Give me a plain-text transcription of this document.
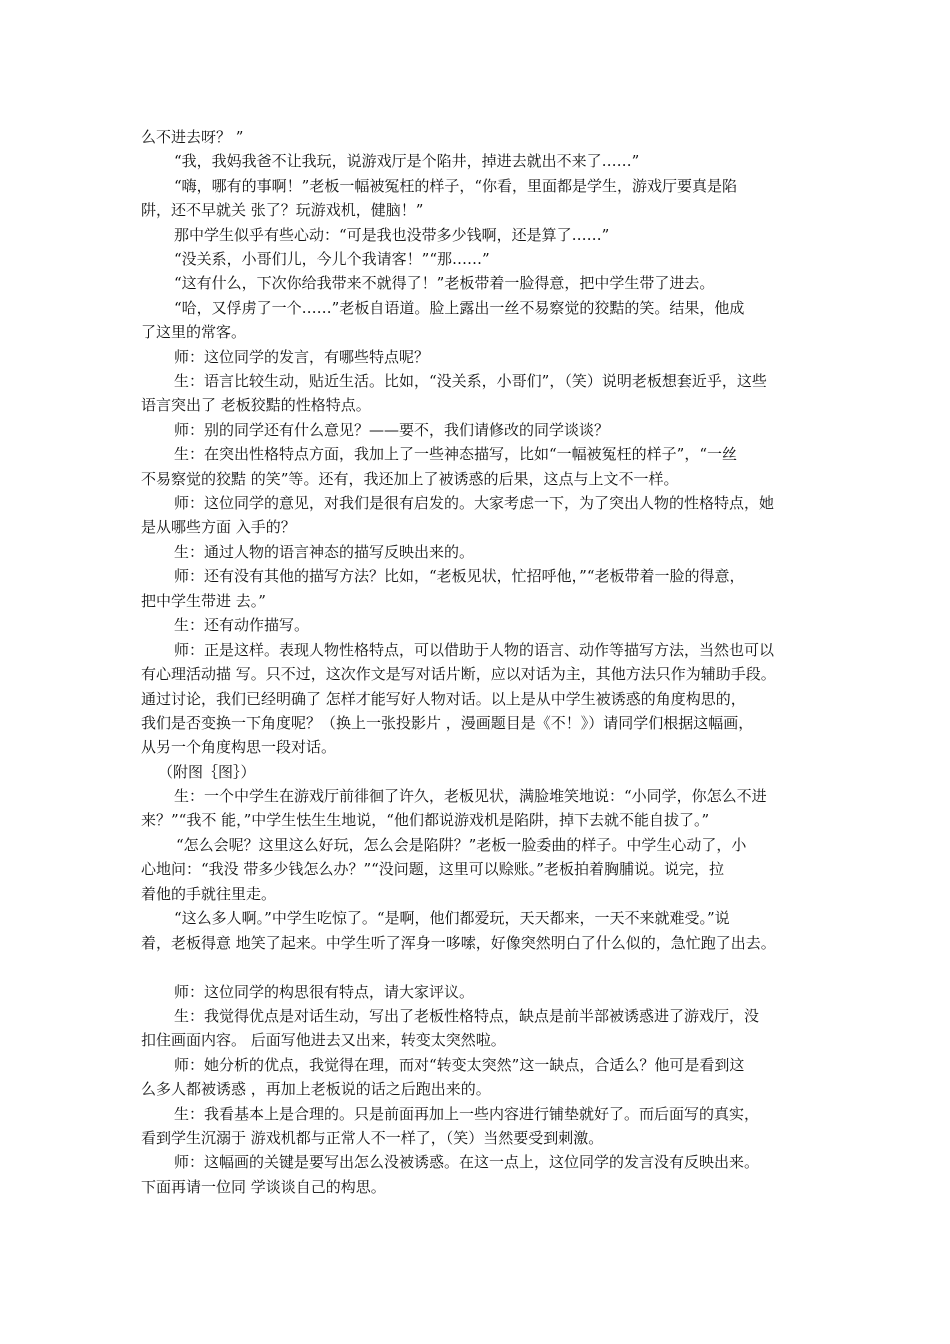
么不进去呀？ ”
“我，我妈我爸不让我玩，说游戏厅是个陷井，掉进去就出不来了……”
“嗨，哪有的事啊！”老板一幅被冤枉的样子，“你看，里面都是学生，游戏厅要真是陷
阱，还不早就关 张了？玩游戏机，健脑！”
那中学生似乎有些心动：“可是我也没带多少钱啊，还是算了……”
“没关系，小哥们儿，今儿个我请客！”“那……”
“这有什么，下次你给我带来不就得了！”老板带着一脸得意，把中学生带了进去。
“哈，又俘虏了一个……”老板自语道。脸上露出一丝不易察觉的狡黠的笑。结果，他成
了这里的常客。
师：这位同学的发言，有哪些特点呢？
生：语言比较生动，贴近生活。比如，“没关系，小哥们”，（笑）说明老板想套近乎，这些
语言突出了 老板狡黠的性格特点。
师：别的同学还有什么意见？——要不，我们请修改的同学谈谈？
生：在突出性格特点方面，我加上了一些神态描写，比如“一幅被冤枉的样子”，“一丝
不易察觉的狡黠 的笑”等。还有，我还加上了被诱惑的后果，这点与上文不一样。
师：这位同学的意见，对我们是很有启发的。大家考虑一下，为了突出人物的性格特点，她
是从哪些方面 入手的？
生：通过人物的语言神态的描写反映出来的。
师：还有没有其他的描写方法？比如，“老板见状，忙招呼他，”“老板带着一脸的得意，
把中学生带进 去。”
生：还有动作描写。
师：正是这样。表现人物性格特点，可以借助于人物的语言、动作等描写方法，当然也可以
有心理活动描 写。只不过，这次作文是写对话片断，应以对话为主，其他方法只作为辅助手段。
通过讨论，我们已经明确了 怎样才能写好人物对话。以上是从中学生被诱惑的角度构思的，
我们是否变换一下角度呢？（换上一张投影片 ，漫画题目是《不！》）请同学们根据这幅画，
从另一个角度构思一段对话。
（附图｛图｝）
生：一个中学生在游戏厅前徘徊了许久，老板见状，满脸堆笑地说：“小同学，你怎么不进
来？”“我不 能，”中学生怯生生地说，“他们都说游戏机是陷阱，掉下去就不能自拔了。”
“怎么会呢？这里这么好玩，怎么会是陷阱？”老板一脸委曲的样子。中学生心动了，小
心地问：“我没 带多少钱怎么办？”“没问题，这里可以赊账。”老板拍着胸脯说。说完，拉
着他的手就往里走。
“这么多人啊。”中学生吃惊了。“是啊，他们都爱玩，天天都来，一天不来就难受。”说
着，老板得意 地笑了起来。中学生听了浑身一哆嗦，好像突然明白了什么似的，急忙跑了出去。
师：这位同学的构思很有特点，请大家评议。
生：我觉得优点是对话生动，写出了老板性格特点，缺点是前半部被诱惑进了游戏厅，没
扣住画面内容。 后面写他进去又出来，转变太突然啦。
师：她分析的优点，我觉得在理，而对“转变太突然”这一缺点，合适么？他可是看到这
么多人都被诱惑 ，再加上老板说的话之后跑出来的。
生：我看基本上是合理的。只是前面再加上一些内容进行铺垫就好了。而后面写的真实，
看到学生沉溺于 游戏机都与正常人不一样了，（笑）当然要受到刺激。
师：这幅画的关键是要写出怎么没被诱惑。在这一点上，这位同学的发言没有反映出来。
下面再请一位同 学谈谈自己的构思。
